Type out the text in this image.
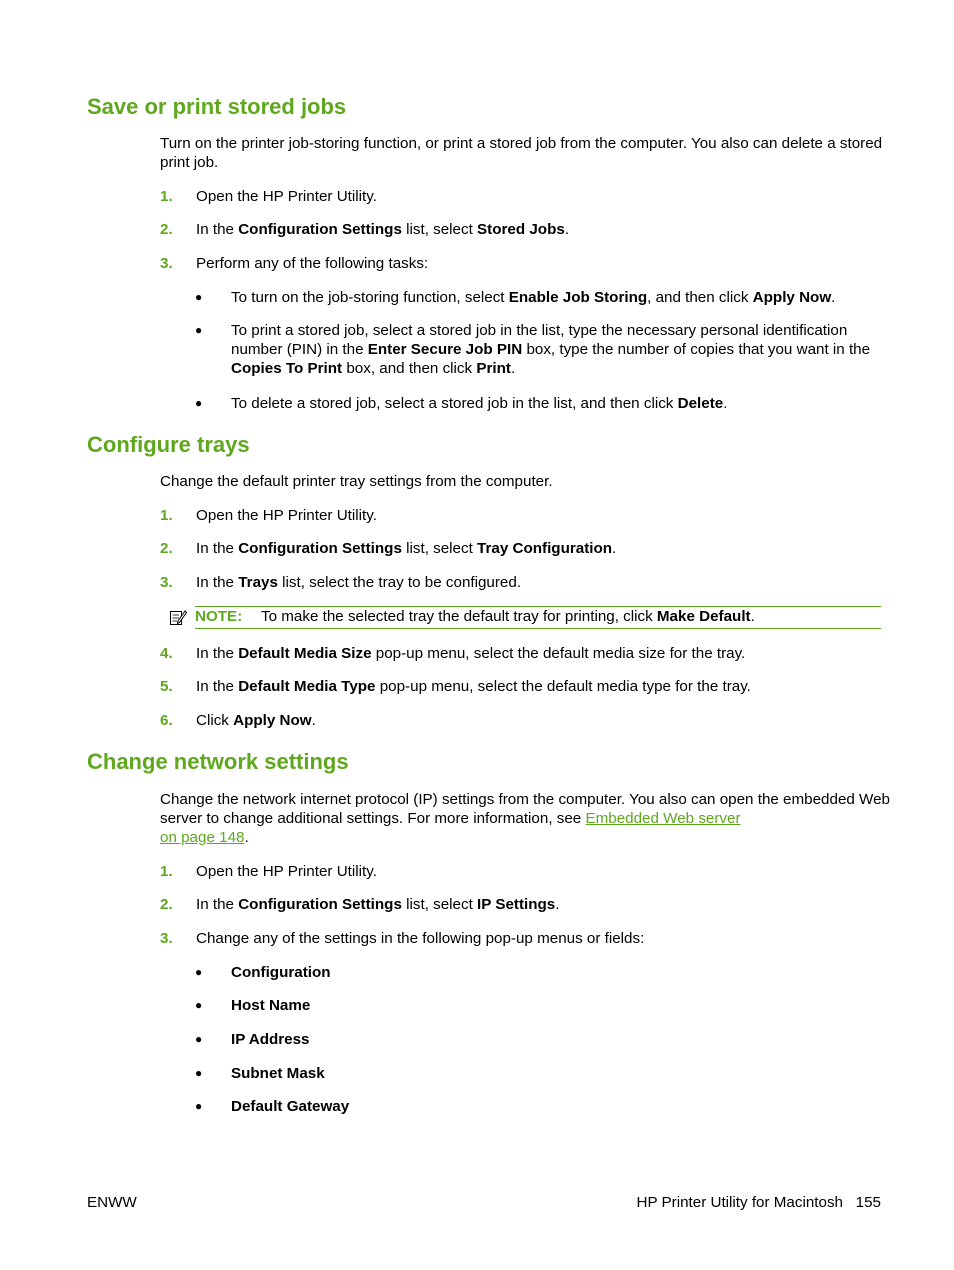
Save or print stored jobs

Turn on the printer job-storing function, or print a stored job from the computer. You also can delete a stored print job.

1. Open the HP Printer Utility.
2. In the Configuration Settings list, select Stored Jobs.
3. Perform any of the following tasks:
● To turn on the job-storing function, select Enable Job Storing, and then click Apply Now.
● To print a stored job, select a stored job in the list, type the necessary personal identification number (PIN) in the Enter Secure Job PIN box, type the number of copies that you want in the Copies To Print box, and then click Print.
● To delete a stored job, select a stored job in the list, and then click Delete.
Configure trays

Change the default printer tray settings from the computer.

1. Open the HP Printer Utility.
2. In the Configuration Settings list, select Tray Configuration.
3. In the Trays list, select the tray to be configured.
NOTE: To make the selected tray the default tray for printing, click Make Default.
4. In the Default Media Size pop-up menu, select the default media size for the tray.
5. In the Default Media Type pop-up menu, select the default media type for the tray.
6. Click Apply Now.
Change network settings

Change the network internet protocol (IP) settings from the computer. You also can open the embedded Web server to change additional settings. For more information, see Embedded Web server
on page 148.

1. Open the HP Printer Utility.
2. In the Configuration Settings list, select IP Settings.
3. Change any of the settings in the following pop-up menus or fields:
● Configuration
● Host Name
● IP Address
● Subnet Mask
● Default Gateway
ENWW	HP Printer Utility for Macintosh 155
